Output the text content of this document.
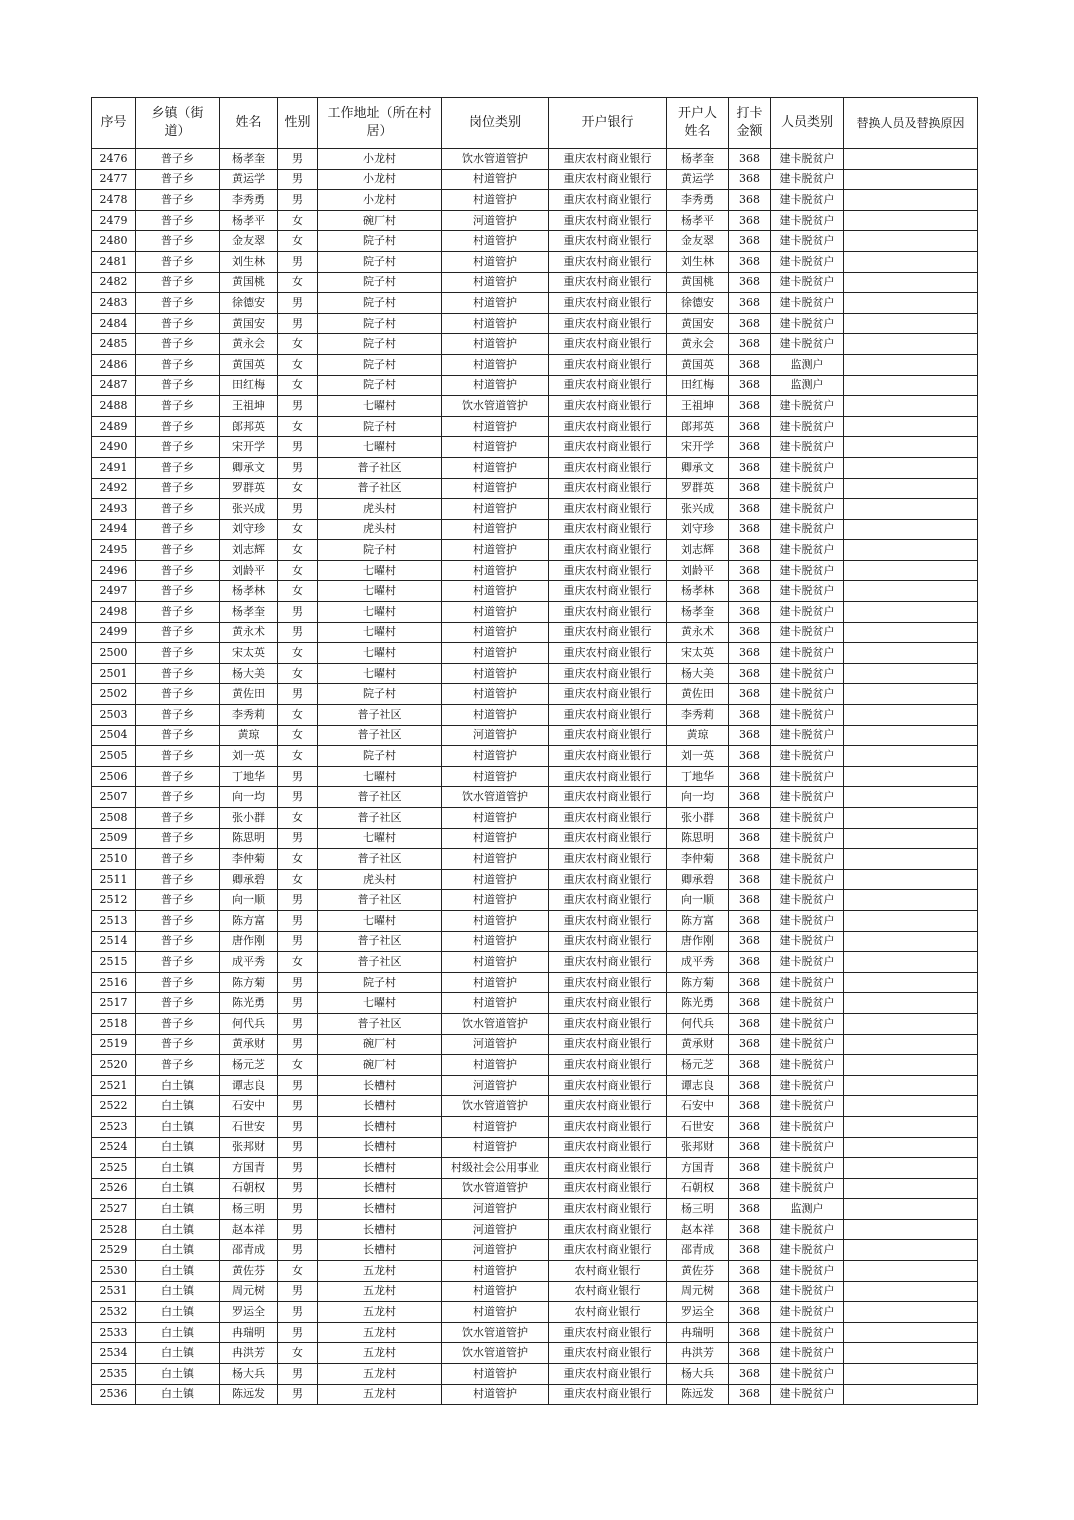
序号	乡镇（街道）	姓名	性别	工作地址（所在村居）	岗位类别	开户银行	开户人姓名	打卡金额	人员类别	替换人员及替换原因
2476	普子乡	杨孝奎	男	小龙村	饮水管道管护	重庆农村商业银行	杨孝奎	368	建卡脱贫户	
2477	普子乡	黄运学	男	小龙村	村道管护	重庆农村商业银行	黄运学	368	建卡脱贫户	
2478	普子乡	李秀勇	男	小龙村	村道管护	重庆农村商业银行	李秀勇	368	建卡脱贫户	
2479	普子乡	杨孝平	女	碗厂村	河道管护	重庆农村商业银行	杨孝平	368	建卡脱贫户	
2480	普子乡	金友翠	女	院子村	村道管护	重庆农村商业银行	金友翠	368	建卡脱贫户	
2481	普子乡	刘生林	男	院子村	村道管护	重庆农村商业银行	刘生林	368	建卡脱贫户	
2482	普子乡	黄国桃	女	院子村	村道管护	重庆农村商业银行	黄国桃	368	建卡脱贫户	
2483	普子乡	徐德安	男	院子村	村道管护	重庆农村商业银行	徐德安	368	建卡脱贫户	
2484	普子乡	黄国安	男	院子村	村道管护	重庆农村商业银行	黄国安	368	建卡脱贫户	
2485	普子乡	黄永会	女	院子村	村道管护	重庆农村商业银行	黄永会	368	建卡脱贫户	
2486	普子乡	黄国英	女	院子村	村道管护	重庆农村商业银行	黄国英	368	监测户	
2487	普子乡	田红梅	女	院子村	村道管护	重庆农村商业银行	田红梅	368	监测户	
2488	普子乡	王祖坤	男	七曜村	饮水管道管护	重庆农村商业银行	王祖坤	368	建卡脱贫户	
2489	普子乡	郎邦英	女	院子村	村道管护	重庆农村商业银行	郎邦英	368	建卡脱贫户	
2490	普子乡	宋开学	男	七曜村	村道管护	重庆农村商业银行	宋开学	368	建卡脱贫户	
2491	普子乡	卿承文	男	普子社区	村道管护	重庆农村商业银行	卿承文	368	建卡脱贫户	
2492	普子乡	罗群英	女	普子社区	村道管护	重庆农村商业银行	罗群英	368	建卡脱贫户	
2493	普子乡	张兴成	男	虎头村	村道管护	重庆农村商业银行	张兴成	368	建卡脱贫户	
2494	普子乡	刘守珍	女	虎头村	村道管护	重庆农村商业银行	刘守珍	368	建卡脱贫户	
2495	普子乡	刘志辉	女	院子村	村道管护	重庆农村商业银行	刘志辉	368	建卡脱贫户	
2496	普子乡	刘龄平	女	七曜村	村道管护	重庆农村商业银行	刘龄平	368	建卡脱贫户	
2497	普子乡	杨孝林	女	七曜村	村道管护	重庆农村商业银行	杨孝林	368	建卡脱贫户	
2498	普子乡	杨孝奎	男	七曜村	村道管护	重庆农村商业银行	杨孝奎	368	建卡脱贫户	
2499	普子乡	黄永术	男	七曜村	村道管护	重庆农村商业银行	黄永术	368	建卡脱贫户	
2500	普子乡	宋太英	女	七曜村	村道管护	重庆农村商业银行	宋太英	368	建卡脱贫户	
2501	普子乡	杨大美	女	七曜村	村道管护	重庆农村商业银行	杨大美	368	建卡脱贫户	
2502	普子乡	黄佐田	男	院子村	村道管护	重庆农村商业银行	黄佐田	368	建卡脱贫户	
2503	普子乡	李秀莉	女	普子社区	村道管护	重庆农村商业银行	李秀莉	368	建卡脱贫户	
2504	普子乡	黄琼	女	普子社区	河道管护	重庆农村商业银行	黄琼	368	建卡脱贫户	
2505	普子乡	刘一英	女	院子村	村道管护	重庆农村商业银行	刘一英	368	建卡脱贫户	
2506	普子乡	丁地华	男	七曜村	村道管护	重庆农村商业银行	丁地华	368	建卡脱贫户	
2507	普子乡	向一均	男	普子社区	饮水管道管护	重庆农村商业银行	向一均	368	建卡脱贫户	
2508	普子乡	张小群	女	普子社区	村道管护	重庆农村商业银行	张小群	368	建卡脱贫户	
2509	普子乡	陈思明	男	七曜村	村道管护	重庆农村商业银行	陈思明	368	建卡脱贫户	
2510	普子乡	李仲菊	女	普子社区	村道管护	重庆农村商业银行	李仲菊	368	建卡脱贫户	
2511	普子乡	卿承碧	女	虎头村	村道管护	重庆农村商业银行	卿承碧	368	建卡脱贫户	
2512	普子乡	向一顺	男	普子社区	村道管护	重庆农村商业银行	向一顺	368	建卡脱贫户	
2513	普子乡	陈方富	男	七曜村	村道管护	重庆农村商业银行	陈方富	368	建卡脱贫户	
2514	普子乡	唐作刚	男	普子社区	村道管护	重庆农村商业银行	唐作刚	368	建卡脱贫户	
2515	普子乡	成平秀	女	普子社区	村道管护	重庆农村商业银行	成平秀	368	建卡脱贫户	
2516	普子乡	陈方菊	男	院子村	村道管护	重庆农村商业银行	陈方菊	368	建卡脱贫户	
2517	普子乡	陈光勇	男	七曜村	村道管护	重庆农村商业银行	陈光勇	368	建卡脱贫户	
2518	普子乡	何代兵	男	普子社区	饮水管道管护	重庆农村商业银行	何代兵	368	建卡脱贫户	
2519	普子乡	黄承财	男	碗厂村	河道管护	重庆农村商业银行	黄承财	368	建卡脱贫户	
2520	普子乡	杨元芝	女	碗厂村	村道管护	重庆农村商业银行	杨元芝	368	建卡脱贫户	
2521	白土镇	谭志良	男	长槽村	河道管护	重庆农村商业银行	谭志良	368	建卡脱贫户	
2522	白土镇	石安中	男	长槽村	饮水管道管护	重庆农村商业银行	石安中	368	建卡脱贫户	
2523	白土镇	石世安	男	长槽村	村道管护	重庆农村商业银行	石世安	368	建卡脱贫户	
2524	白土镇	张邦财	男	长槽村	村道管护	重庆农村商业银行	张邦财	368	建卡脱贫户	
2525	白土镇	方国青	男	长槽村	村级社会公用事业	重庆农村商业银行	方国青	368	建卡脱贫户	
2526	白土镇	石朝权	男	长槽村	饮水管道管护	重庆农村商业银行	石朝权	368	建卡脱贫户	
2527	白土镇	杨三明	男	长槽村	河道管护	重庆农村商业银行	杨三明	368	监测户	
2528	白土镇	赵本祥	男	长槽村	河道管护	重庆农村商业银行	赵本祥	368	建卡脱贫户	
2529	白土镇	邵青成	男	长槽村	河道管护	重庆农村商业银行	邵青成	368	建卡脱贫户	
2530	白土镇	黄佐芬	女	五龙村	村道管护	农村商业银行	黄佐芬	368	建卡脱贫户	
2531	白土镇	周元树	男	五龙村	村道管护	农村商业银行	周元树	368	建卡脱贫户	
2532	白土镇	罗运全	男	五龙村	村道管护	农村商业银行	罗运全	368	建卡脱贫户	
2533	白土镇	冉瑞明	男	五龙村	饮水管道管护	重庆农村商业银行	冉瑞明	368	建卡脱贫户	
2534	白土镇	冉洪芳	女	五龙村	饮水管道管护	重庆农村商业银行	冉洪芳	368	建卡脱贫户	
2535	白土镇	杨大兵	男	五龙村	村道管护	重庆农村商业银行	杨大兵	368	建卡脱贫户	
2536	白土镇	陈远发	男	五龙村	村道管护	重庆农村商业银行	陈远发	368	建卡脱贫户	
